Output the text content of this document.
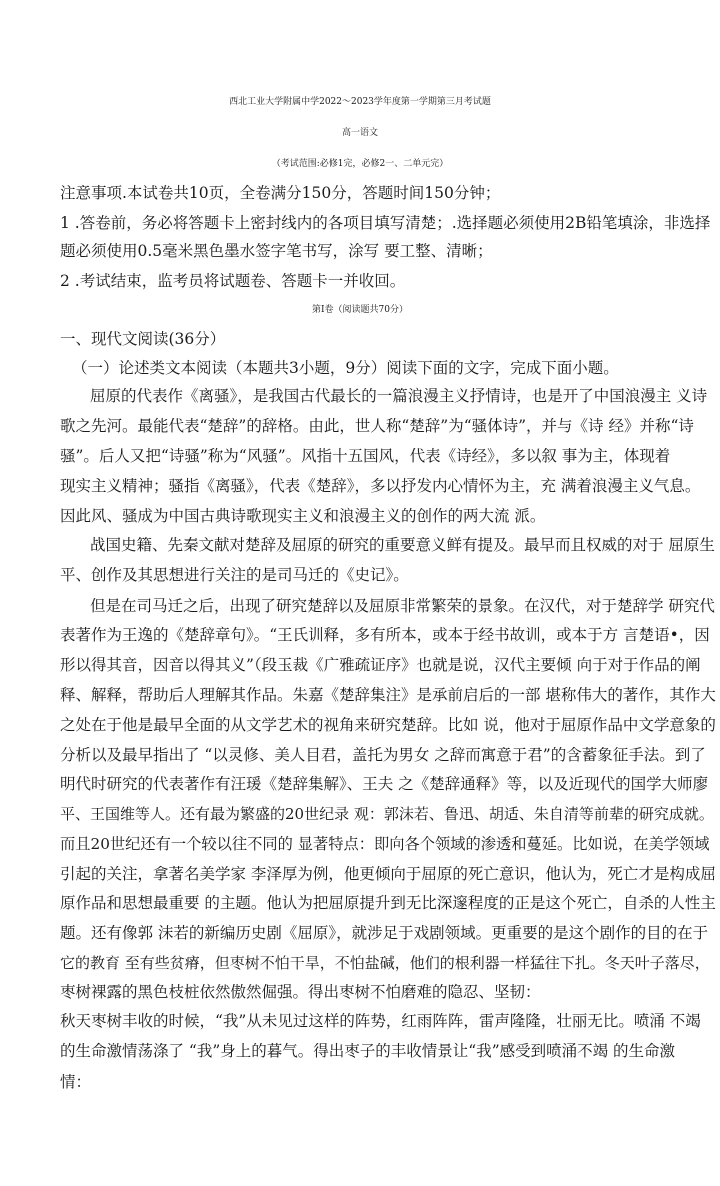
西北工业大学附属中学2022～2023学年度第一学期第三月考试题
高一语文
（考试范围:必修1完，必修2一、二单元完）
注意事项.本试卷共10页，全卷满分150分，答题时间150分钟；
1 .答卷前，务必将答题卡上密封线内的各项目填写清楚；.选择题必须使用2B铅笔填涂，非选择
题必须使用0.5毫米黑色墨水签字笔书写，涂写 要工整、清晰；
2 .考试结束，监考员将试题卷、答题卡一并收回。
第Ⅰ卷（阅读题共70分）
一、现代文阅读(36分）
（一）论述类文本阅读（本题共3小题，9分）阅读下面的文字，完成下面小题。
屈原的代表作《离骚》，是我国古代最长的一篇浪漫主义抒情诗，也是开了中国浪漫主 义诗
歌之先河。最能代表“楚辞”的辞格。由此，世人称“楚辞”为“骚体诗”，并与《诗 经》并称“诗
骚”。后人又把“诗骚”称为“风骚”。风指十五国风，代表《诗经》，多以叙 事为主，体现着
现实主义精神；骚指《离骚》，代表《楚辞》，多以抒发内心情怀为主，充 满着浪漫主义气息。
因此风、骚成为中国古典诗歌现实主义和浪漫主义的创作的两大流 派。
战国史籍、先秦文献对楚辞及屈原的研究的重要意义鲜有提及。最早而且权威的对于 屈原生
平、创作及其思想进行关注的是司马迁的《史记》。
但是在司马迁之后，出现了研究楚辞以及屈原非常繁荣的景象。在汉代，对于楚辞学 研究代
表著作为王逸的《楚辞章句》。“王氏训释，多有所本，或本于经书故训，或本于方 言楚语•，因
形以得其音，因音以得其义”（段玉裁《广雅疏证序》也就是说，汉代主要倾 向于对于作品的阐
释、解释，帮助后人理解其作品。朱嘉《楚辞集注》是承前启后的一部 堪称伟大的著作，其作大
之处在于他是最早全面的从文学艺术的视角来研究楚辞。比如 说，他对于屈原作品中文学意象的
分析以及最早指出了 “以灵修、美人目君，盖托为男女 之辞而寓意于君”的含蓄象征手法。到了
明代时研究的代表著作有汪瑗《楚辞集解》、王夫 之《楚辞通释》等，以及近现代的国学大师廖
平、王国维等人。还有最为繁盛的20世纪录 观：郭沫若、鲁迅、胡适、朱自清等前辈的研究成就。
而且20世纪还有一个较以往不同的 显著特点：即向各个领域的渗透和蔓延。比如说，在美学领域
引起的关注，拿著名美学家 李泽厚为例，他更倾向于屈原的死亡意识，他认为，死亡才是构成屈
原作品和思想最重要 的主题。他认为把屈原提升到无比深邃程度的正是这个死亡，自杀的人性主
题。还有像郭 沫若的新编历史剧《屈原》，就涉足于戏剧领域。更重要的是这个剧作的目的在于
它的教育 至有些贫瘠，但枣树不怕干旱，不怕盐碱，他们的根利器一样猛往下扎。冬天叶子落尽，
枣树裸露的黑色枝桩依然傲然倔强。得出枣树不怕磨难的隐忍、坚韧：
秋天枣树丰收的时候，“我”从未见过这样的阵势，红雨阵阵，雷声隆隆，壮丽无比。喷涌 不竭
的生命激情荡涤了 “我”身上的暮气。得出枣子的丰收情景让“我”感受到喷涌不竭 的生命激
情：
